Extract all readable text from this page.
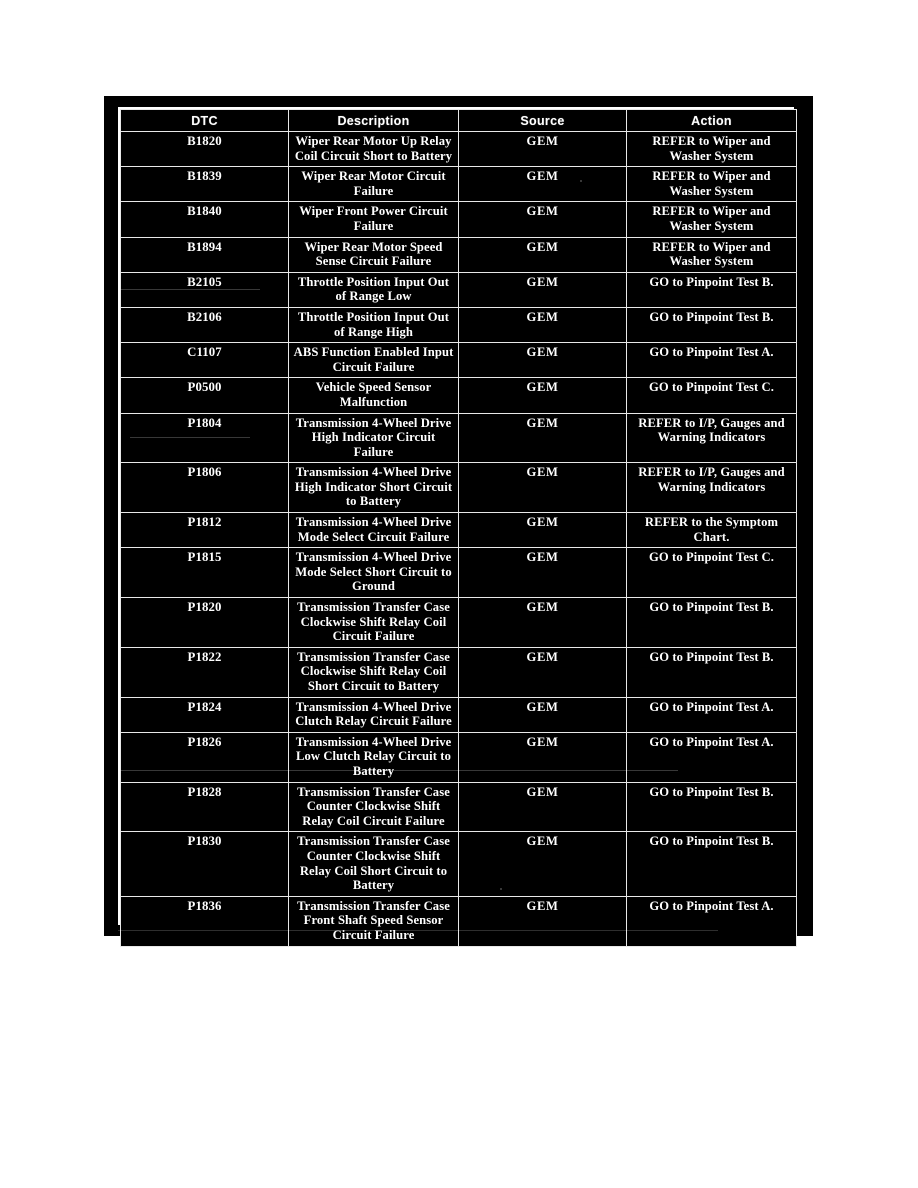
DTC	Description	Source	Action
B1820	Wiper Rear Motor Up Relay Coil Circuit Short to Battery	GEM	REFER to Wiper and Washer System
B1839	Wiper Rear Motor Circuit Failure	GEM	REFER to Wiper and Washer System
B1840	Wiper Front Power Circuit Failure	GEM	REFER to Wiper and Washer System
B1894	Wiper Rear Motor Speed Sense Circuit Failure	GEM	REFER to Wiper and Washer System
B2105	Throttle Position Input Out of Range Low	GEM	GO to Pinpoint Test B.
B2106	Throttle Position Input Out of Range High	GEM	GO to Pinpoint Test B.
C1107	ABS Function Enabled Input Circuit Failure	GEM	GO to Pinpoint Test A.
P0500	Vehicle Speed Sensor Malfunction	GEM	GO to Pinpoint Test C.
P1804	Transmission 4-Wheel Drive High Indicator Circuit Failure	GEM	REFER to I/P, Gauges and Warning Indicators
P1806	Transmission 4-Wheel Drive High Indicator Short Circuit to Battery	GEM	REFER to I/P, Gauges and Warning Indicators
P1812	Transmission 4-Wheel Drive Mode Select Circuit Failure	GEM	REFER to the Symptom Chart.
P1815	Transmission 4-Wheel Drive Mode Select Short Circuit to Ground	GEM	GO to Pinpoint Test C.
P1820	Transmission Transfer Case Clockwise Shift Relay Coil Circuit Failure	GEM	GO to Pinpoint Test B.
P1822	Transmission Transfer Case Clockwise Shift Relay Coil Short Circuit to Battery	GEM	GO to Pinpoint Test B.
P1824	Transmission 4-Wheel Drive Clutch Relay Circuit Failure	GEM	GO to Pinpoint Test A.
P1826	Transmission 4-Wheel Drive Low Clutch Relay Circuit to Battery	GEM	GO to Pinpoint Test A.
P1828	Transmission Transfer Case Counter Clockwise Shift Relay Coil Circuit Failure	GEM	GO to Pinpoint Test B.
P1830	Transmission Transfer Case Counter Clockwise Shift Relay Coil Short Circuit to Battery	GEM	GO to Pinpoint Test B.
P1836	Transmission Transfer Case Front Shaft Speed Sensor Circuit Failure	GEM	GO to Pinpoint Test A.
